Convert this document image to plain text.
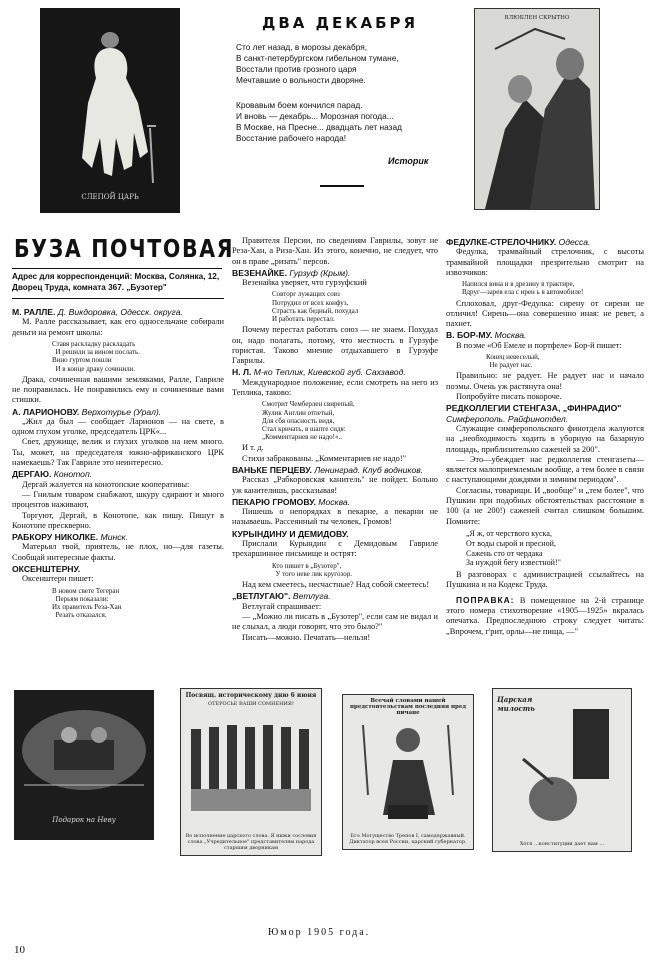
СЛЕПОЙ ЦАРЬ
ДВА ДЕКАБРЯ
Сто лет назад, в морозы декабря,
В санкт-петербургском гибельном тумане,
Восстали против грозного царя
Мечтавшие о вольности дворяне.
Кровавым боем кончился парад.
И вновь — декабрь... Морозная погода...
В Москве, на Пресне... двадцать лет назад
Восстание рабочего народа!
Историк
ВЛЮБЛЕН СКРЫТНО
БУЗА ПОЧТОВАЯ
Адрес для корреспонденций: Москва, Солянка, 12, Дворец Труда, комната 367. „Бузотер"

М. РАЛЛЕ. Д. Викдоровка, Одесск. округа.

М. Ралле рассказывает, как его односельчане собирали деньги на ремонт школы:

Ставя раскладку раскладать
И решили за вином послать.
Вино гуртом пошли
И в конце драку сочинили.

Драка, сочиненная вашими земляками, Ралле, Гавриле не понравилась. Не понравились ему и сочиненные вами стишки.

А. ЛАРИОНОВУ. Верхотурье (Урал).

„Жил да был — сообщает Ларионов — на свете, в одном глухом уголке, председатель ЦРК«...

Свет, дружище, велик и глухих уголков на нем много. Ты, может, на председателя южно-африканского ЦРК намекаешь? Так Гавриле это неинтересно.

ДЕРГАЮ. Конотоп.

Дергай жалуется на конотопские кооперативы:

— Гнилым товаром снабжают, шкуру сдирают и много процентов наживают,

Торгуют, Дергай, в Конотопе, как пишу. Пишут в Конотопе прескверно.

РАБКОРУ НИКОЛКЕ. Минск.

Матерьял твой, приятель, не плох, но—для газеты. Сообщай интересные факты.

ОКСЕНШТЕРНУ.

Оксенштерн пишет:

В новом свете Тегеран
Перьям показали:
Их правитель Реза-Хан
Резать отказался.

Правителя Персии, по сведениям Гаврилы, зовут не Реза-Хан, а Риза-Хан. Из этого, конечно, не следует, что он в праве „ризать" персов.

ВЕЗЕНАЙКЕ. Гурзуф (Крым).

Везенайка уверяет, что гурзуфский

Совторг лужащих совз
Потрудил от всех конфуз,
Страсть как бедный, похудал
И работать перестал.

Почему перестал работать союз — не знаем. Похудал он, надо полагать, потому, что местность в Гурзуфе гористая. Таково мнение отдыхавшего в Гурзуфе Гаврилы.

Н. Л. М-ко Теплик, Киевской губ. Сахзавод.

Международное положение, если смотреть на него из Теплика, таково:

Смотрит Чемберлен свирепый,
Жулик Англии отпетый,
Для сбя опасность видя,
Стал кричать, в шапте сидя:
„Комментарнев не надо!«..

И т. д.

Стихи забракованы. „Комментариев не надо!"

ВАНЬКЕ ПЕРЦЕВУ. Ленинград. Клуб водников.

Рассказ „Рабкоровская канитель" не пойдет. Больно уж канителишь, рассказывая!

ПЕКАРЮ ГРОМОВУ. Москва.

Пишешь о непорядках в пекарне, а пекарни не называешь. Рассеянный ты человек, Громов!

КУРЫНДИНУ И ДЕМИДОВУ.

Прислали Курындин с Демидовым Гавриле трехаршинное письмище и острят:

Кто пишет в „Бузотер",
У того неве лик кругозор.

Над кем смеетесь, несчастные? Над собой смеетесь!

„ВЕТЛУГАЮ". Ветлуга.

Ветлугай спрашивает:

— „Можно ли писать в „Бузотер", если сам не видал и не слыхал, а люди говорят, что это было?"

Писать—можно. Печатать—нельзя!

ФЕДУЛКЕ-СТРЕЛОЧНИКУ. Одесса.

Федулка, трамвайный стрелочник, с высоты трамвайной площадки презрительно смотрит на извозчиков:

Напился вина и в дрезину в трактире,
Вдруг—зарев ела с ирен ь в автомобиле!

Сплоховал, друг-Федулка: сирену от сирени не отличил! Сирень—она совершенно иная: не ревет, а пахнет.

В. БОР-МУ. Москва.

В поэме «Об Емеле и портфеле» Бор-й пишет:

Конец невеселый,
Не радует нас.

Правильно: не радует. Не радует нас и начало поэмы. Очень уж растянута она!

Попробуйте писать покороче.

РЕДКОЛЛЕГИИ СТЕНГАЗА, „ФИНРАДИО"
Симферополь. Райфинотдел.

Служащие симферопольского финотдела жалуются на „необходимость ходить в уборную на базарную площадь, приблизительно саженей за 200".

— Это—убеждает нас редколлегия стенгазеты—является малоприемлемым вообще, а тем более в связи с наступающими дождями и зимним периодом".

Согласны, товарищи. И „вообще" и „тем более", что Пушкин при подобных обстоятельствах расстояние в 100 (а не 200!) саженей считал слишком большим. Помните:

„Я ж, от черствого куска,
От воды сырой и пресной,
Сажень сто от чердака
За нуждой бегу известной!"

В разговорах с администрацией ссылайтесь на Пушкина и на Кодекс Труда.

ПОПРАВКА: В помещенное на 2-й странице этого номера стихотворение «1905—1925» вкралась опечатка. Предпоследнюю строку следует читать: „Впрочем, г'рит, орлы—не пища, —"

Подарок на Неву
Посвящ. историческому дню 6 июня
ОТЕРОСЬЕ ВАШИ СОМНЕНИЯ!
Во исполнение царского слова. Я нижи сословия слова „Учредительное" представителям народа старшим дворникам
Всечай словами нашей предстоятельствам последняя пред пичане
Его Могущество Трепов I, самодержавный. Диктатор всея России, царский губернатор.
Царская милость
Хотя ...конституции дает нам ...
Юмор 1905 года.
10
